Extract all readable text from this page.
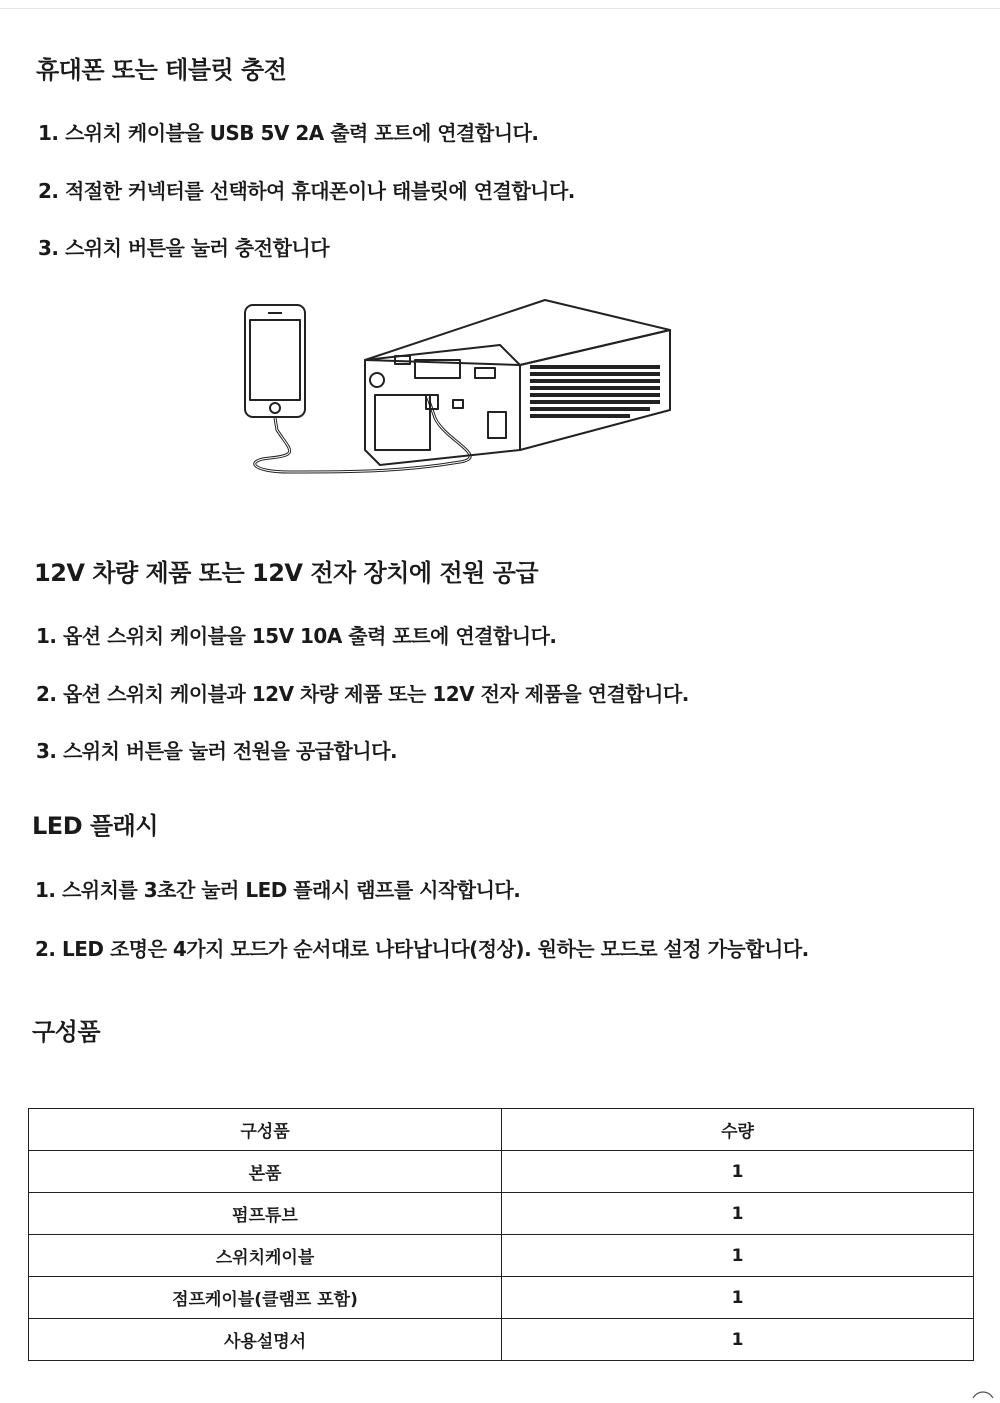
휴대폰 또는 테블릿 충전
1. 스위치 케이블을 USB 5V 2A 출력 포트에 연결합니다.
2. 적절한 커넥터를 선택하여 휴대폰이나 태블릿에 연결합니다.
3. 스위치 버튼을 눌러 충전합니다
12V 차량 제품 또는 12V 전자 장치에 전원 공급
1. 옵션 스위치 케이블을 15V 10A 출력 포트에 연결합니다.
2. 옵션 스위치 케이블과 12V 차량 제품 또는 12V 전자 제품을 연결합니다.
3. 스위치 버튼을 눌러 전원을 공급합니다.
LED 플래시
1. 스위치를 3초간 눌러 LED 플래시 램프를 시작합니다.
2. LED 조명은 4가지 모드가 순서대로 나타납니다(정상). 원하는 모드로 설정 가능합니다.
구성품
구성품	수량
본품	1
펌프튜브	1
스위치케이블	1
점프케이블(클램프 포함)	1
사용설명서	1
